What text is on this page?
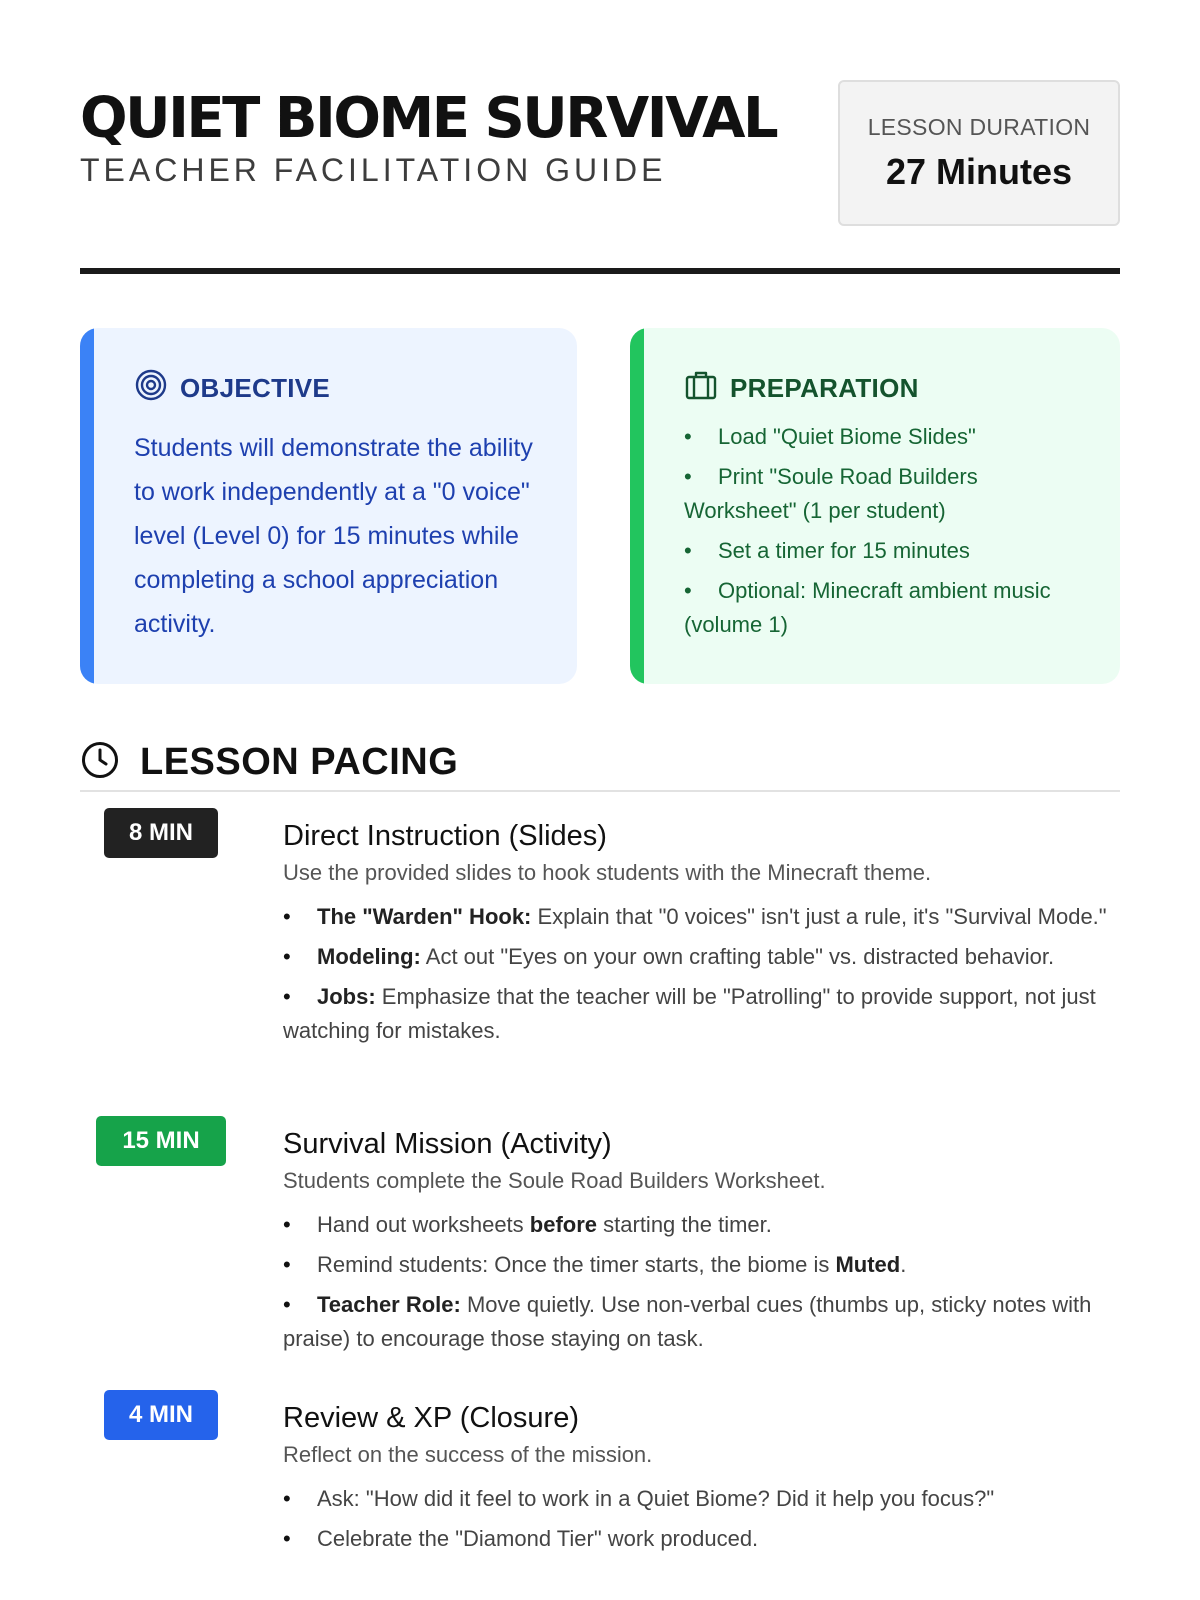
QUIET BIOME SURVIVAL
TEACHER FACILITATION GUIDE
LESSON DURATION
27 Minutes
OBJECTIVE
Students will demonstrate the ability to work independently at a "0 voice" level (Level 0) for 15 minutes while completing a school appreciation activity.
PREPARATION
• Load "Quiet Biome Slides"
• Print "Soule Road Builders Worksheet" (1 per student)
• Set a timer for 15 minutes
• Optional: Minecraft ambient music (volume 1)
LESSON PACING
8 MIN	Direct Instruction (Slides)
Use the provided slides to hook students with the Minecraft theme.
• The "Warden" Hook: Explain that "0 voices" isn't just a rule, it's "Survival Mode."
• Modeling: Act out "Eyes on your own crafting table" vs. distracted behavior.
• Jobs: Emphasize that the teacher will be "Patrolling" to provide support, not just watching for mistakes.
15 MIN	Survival Mission (Activity)
Students complete the Soule Road Builders Worksheet.
• Hand out worksheets before starting the timer.
• Remind students: Once the timer starts, the biome is Muted.
• Teacher Role: Move quietly. Use non-verbal cues (thumbs up, sticky notes with praise) to encourage those staying on task.
4 MIN	Review & XP (Closure)
Reflect on the success of the mission.
• Ask: "How did it feel to work in a Quiet Biome? Did it help you focus?"
• Celebrate the "Diamond Tier" work produced.
